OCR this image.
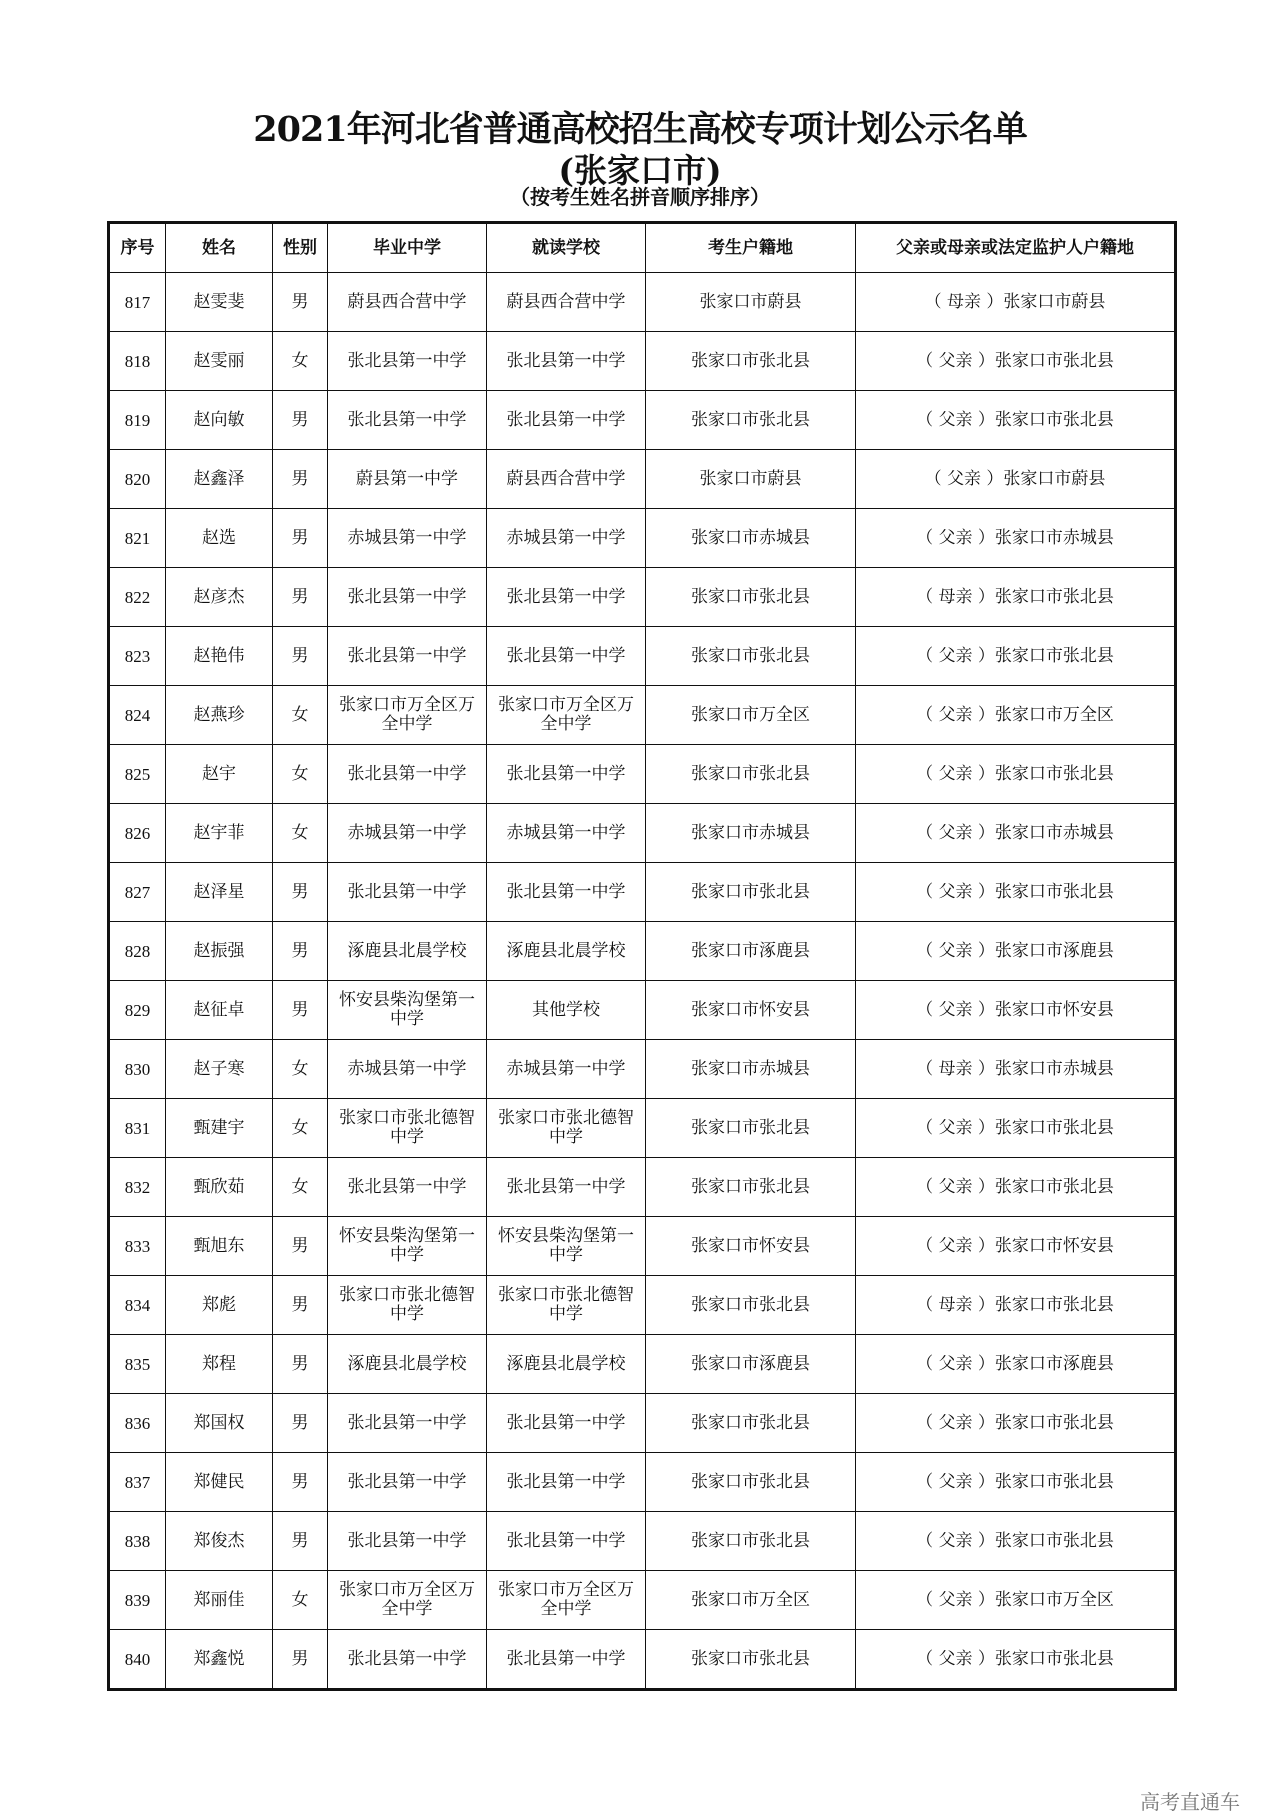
2021年河北省普通高校招生高校专项计划公示名单
(张家口市)
（按考生姓名拼音顺序排序）
序号	姓名	性别	毕业中学	就读学校	考生户籍地	父亲或母亲或法定监护人户籍地
817	赵雯斐	男	蔚县西合营中学	蔚县西合营中学	张家口市蔚县	（ 母亲 ）张家口市蔚县
818	赵雯丽	女	张北县第一中学	张北县第一中学	张家口市张北县	（ 父亲 ）张家口市张北县
819	赵向敏	男	张北县第一中学	张北县第一中学	张家口市张北县	（ 父亲 ）张家口市张北县
820	赵鑫泽	男	蔚县第一中学	蔚县西合营中学	张家口市蔚县	（ 父亲 ）张家口市蔚县
821	赵选	男	赤城县第一中学	赤城县第一中学	张家口市赤城县	（ 父亲 ）张家口市赤城县
822	赵彦杰	男	张北县第一中学	张北县第一中学	张家口市张北县	（ 母亲 ）张家口市张北县
823	赵艳伟	男	张北县第一中学	张北县第一中学	张家口市张北县	（ 父亲 ）张家口市张北县
824	赵燕珍	女	张家口市万全区万全中学	张家口市万全区万全中学	张家口市万全区	（ 父亲 ）张家口市万全区
825	赵宇	女	张北县第一中学	张北县第一中学	张家口市张北县	（ 父亲 ）张家口市张北县
826	赵宇菲	女	赤城县第一中学	赤城县第一中学	张家口市赤城县	（ 父亲 ）张家口市赤城县
827	赵泽星	男	张北县第一中学	张北县第一中学	张家口市张北县	（ 父亲 ）张家口市张北县
828	赵振强	男	涿鹿县北晨学校	涿鹿县北晨学校	张家口市涿鹿县	（ 父亲 ）张家口市涿鹿县
829	赵征卓	男	怀安县柴沟堡第一中学	其他学校	张家口市怀安县	（ 父亲 ）张家口市怀安县
830	赵子寒	女	赤城县第一中学	赤城县第一中学	张家口市赤城县	（ 母亲 ）张家口市赤城县
831	甄建宇	女	张家口市张北德智中学	张家口市张北德智中学	张家口市张北县	（ 父亲 ）张家口市张北县
832	甄欣茹	女	张北县第一中学	张北县第一中学	张家口市张北县	（ 父亲 ）张家口市张北县
833	甄旭东	男	怀安县柴沟堡第一中学	怀安县柴沟堡第一中学	张家口市怀安县	（ 父亲 ）张家口市怀安县
834	郑彪	男	张家口市张北德智中学	张家口市张北德智中学	张家口市张北县	（ 母亲 ）张家口市张北县
835	郑程	男	涿鹿县北晨学校	涿鹿县北晨学校	张家口市涿鹿县	（ 父亲 ）张家口市涿鹿县
836	郑国权	男	张北县第一中学	张北县第一中学	张家口市张北县	（ 父亲 ）张家口市张北县
837	郑健民	男	张北县第一中学	张北县第一中学	张家口市张北县	（ 父亲 ）张家口市张北县
838	郑俊杰	男	张北县第一中学	张北县第一中学	张家口市张北县	（ 父亲 ）张家口市张北县
839	郑丽佳	女	张家口市万全区万全中学	张家口市万全区万全中学	张家口市万全区	（ 父亲 ）张家口市万全区
840	郑鑫悦	男	张北县第一中学	张北县第一中学	张家口市张北县	（ 父亲 ）张家口市张北县
高考直通车
